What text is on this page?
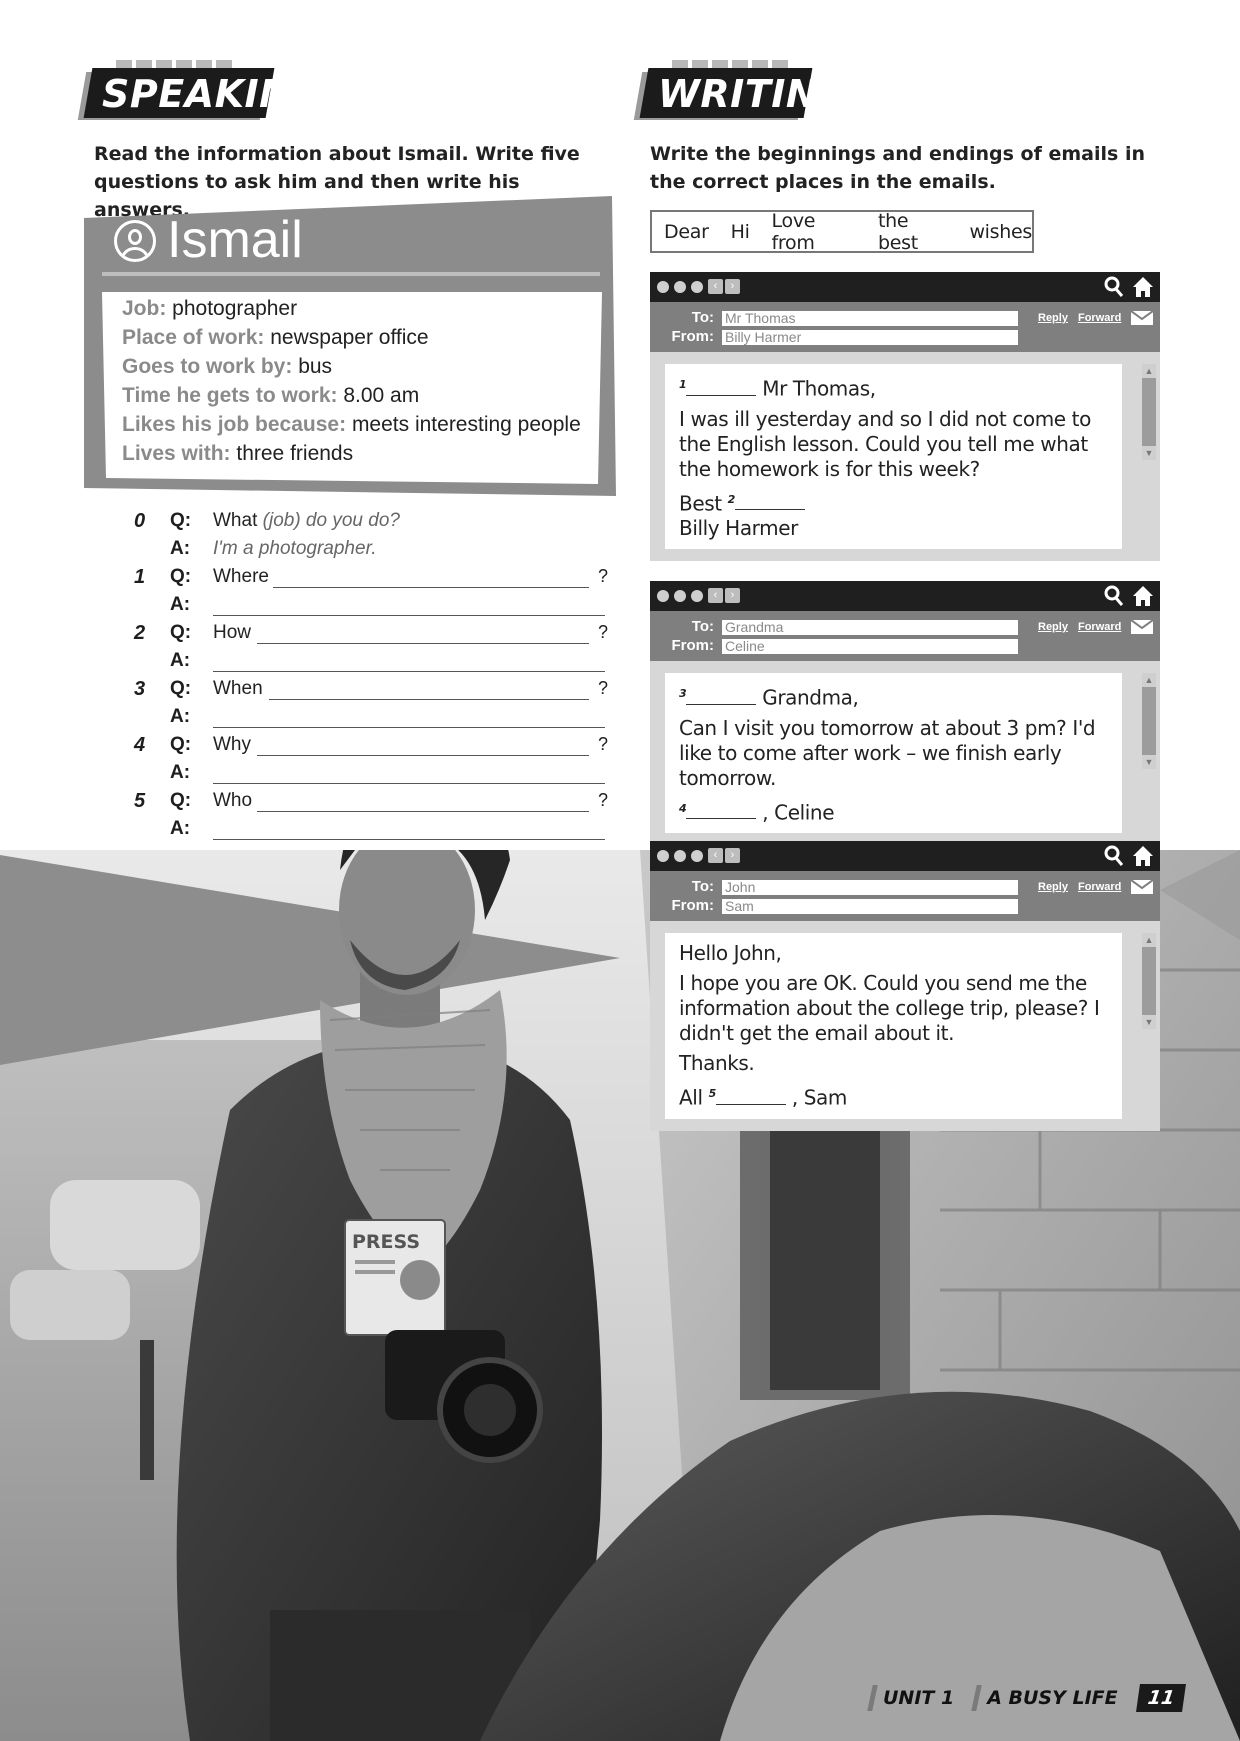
PRESS
SPEAKING
Read the information about Ismail. Write five questions to ask him and then write his answers.
Ismail
Job: photographer
Place of work: newspaper office
Goes to work by: bus
Time he gets to work: 8.00 am
Likes his job because: meets interesting people
Lives with: three friends
0	Q: What (job) do you do?
A: I'm a photographer.
1	Q: Where	?
A:
2	Q: How	?
A:
3	Q: When	?
A:
4	Q: Why	?
A:
5	Q: Who	?
A:
WRITING
Write the beginnings and endings of emails in the correct places in the emails.
Dear Hi Love from
the best	wishes
‹	›
To: Mr Thomas
From: Billy Harmer
Reply Forward
$^1$	Mr Thomas,
I was ill yesterday and so I did not come to the English lesson. Could you tell me what the homework is for this week?
Best $^2$
Billy Harmer
▲
▼
‹	›
To: Grandma
From: Celine
Reply Forward
$^3$	Grandma,
Can I visit you tomorrow at about 3 pm? I'd like to come after work – we finish early tomorrow.
$^4$	, Celine
▲
▼
‹	›
To: John
From: Sam
Reply Forward
Hello John,
I hope you are OK. Could you send me the information about the college trip, please? I didn't get the email about it.
Thanks.
All $^5$	, Sam
▲
▼
UNIT 1 A BUSY LIFE	11
